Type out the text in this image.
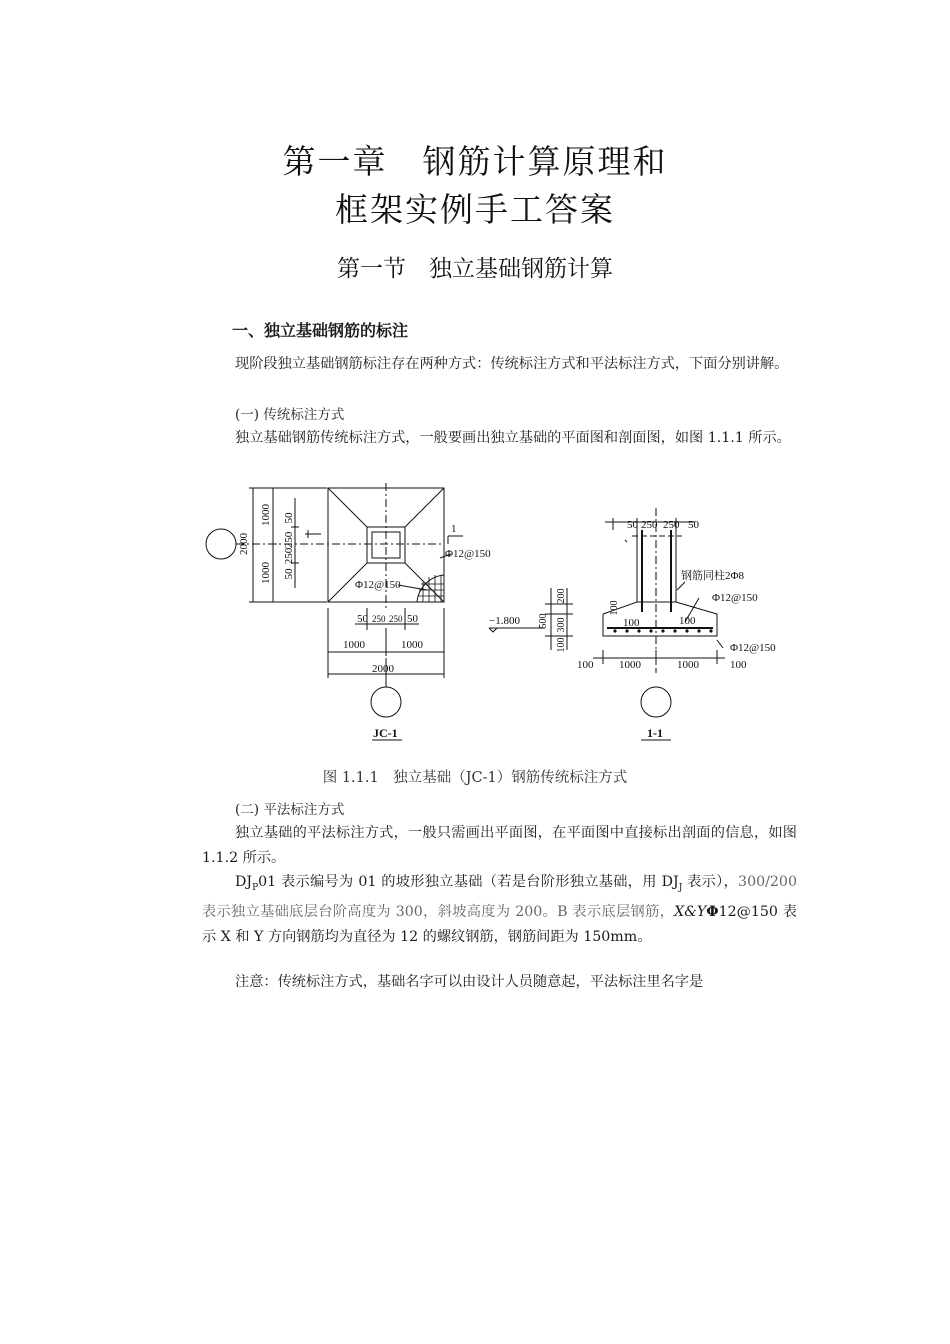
第一章　钢筋计算原理和
框架实例手工答案
第一节　独立基础钢筋计算
一、独立基础钢筋的标注

现阶段独立基础钢筋标注存在两种方式：传统标注方式和平法标注方式，下面分别讲解。

(一) 传统标注方式

独立基础钢筋传统标注方式，一般要画出独立基础的平面图和剖面图，如图 1.1.1 所示。

2000
1000
1000
50
250
250
50
50 250 250 50
1000	1000
2000
1
Φ12@150
Φ12@150
JC-1
50 250 250 50
钢筋同柱2Φ8
Φ12@150
Φ12@150
−1.800
200
500 300
100
100
100	100
100 1000	1000	100
1-1
图 1.1.1　独立基础（JC-1）钢筋传统标注方式
(二) 平法标注方式

独立基础的平法标注方式，一般只需画出平面图，在平面图中直接标出剖面的信息，如图 1.1.2 所示。

$DJ_P01$ 表示编号为 01 的坡形独立基础（若是台阶形独立基础，用 $DJ_J$ 表示），300/200 表示独立基础底层台阶高度为 300，斜坡高度为 200。B 表示底层钢筋，X&YΦ12@150 表示 X 和 Y 方向钢筋均为直径为 12 的螺纹钢筋，钢筋间距为 150mm。

注意：传统标注方式，基础名字可以由设计人员随意起，平法标注里名字是
